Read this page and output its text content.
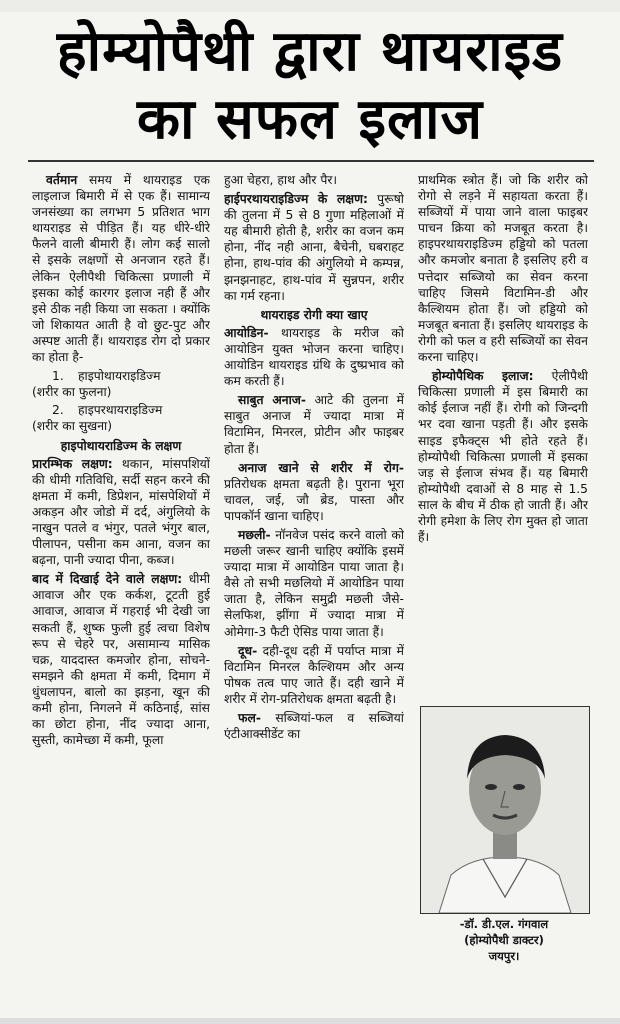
होम्योपैथी द्वारा थायराइड
का सफल इलाज

वर्तमान समय में थायराइड एक लाइलाज बिमारी में से एक हैं। सामान्य जनसंख्या का लगभग 5 प्रतिशत भाग थायराइड से पीड़ित हैं। यह धीरे-धीरे फैलने वाली बीमारी हैं। लोग कई सालो से इसके लक्षणों से अनजान रहते हैं। लेकिन ऐलीपैथी चिकित्सा प्रणाली में इसका कोई कारगर इलाज नही हैं और इसे ठीक नही किया जा सकता । क्योंकि जो शिकायत आती है वो छुट-पुट और अस्पष्ट आती हैं। थायराइड रोग दो प्रकार का होता है-

1. हाइपोथायराइडिज्म
(शरीर का फुलना)
2. हाइपरथायराइडिज्म
(शरीर का सुखना)
हाइपोथायराडिज्म के लक्षण

प्रारम्भिक लक्षण: थकान, मांसपशियों की धीमी गतिविधि, सर्दी सहन करने की क्षमता में कमी, डिप्रेशन, मांसपेशियों में अकड़न और जोडो में दर्द, अंगुलियो के नाखुन पतले व भंगुर, पतले भंगुर बाल, पीलापन, पसीना कम आना, वजन का बढ़ना, पानी ज्यादा पीना, कब्ज।

बाद में दिखाई देने वाले लक्षण: धीमी आवाज और एक कर्कश, टूटती हुई आवाज, आवाज में गहराई भी देखी जा सकती हैं, शुष्क फुली हुई त्वचा विशेष रूप से चेहरे पर, असामान्य मासिक चक्र, याददास्त कमजोर होना, सोचने-समझने की क्षमता में कमी, दिमाग में धुंधलापन, बालो का झड़ना, खून की कमी होना, निगलने में कठिनाई, सांस का छोटा होना, नींद ज्यादा आना, सुस्ती, कामेच्छा में कमी, फूला

हुआ चेहरा, हाथ और पैर।

हाईपरथायराइडिज्म के लक्षण: पुरूषो की तुलना में 5 से 8 गुणा महिलाओं में यह बीमारी होती है, शरीर का वजन कम होना, नींद नही आना, बैचेनी, घबराहट होना, हाथ-पांव की अंगुलियो मे कम्पन्न, झनझनाहट, हाथ-पांव में सुन्नपन, शरीर का गर्म रहना।

थायराइड रोगी क्या खाए

आयोडिन- थायराइड के मरीज को आयोडिन युक्त भोजन करना चाहिए। आयोडिन थायराइड ग्रंथि के दुष्प्रभाव को कम करती हैं।

साबुत अनाज- आटे की तुलना में साबुत अनाज में ज्यादा मात्रा में विटामिन, मिनरल, प्रोटीन और फाइबर होता हैं।

अनाज खाने से शरीर में रोग-प्रतिरोधक क्षमता बढ़ती है। पुराना भूरा चावल, जई, जौ ब्रेड, पास्ता और पापकॉर्न खाना चाहिए।

मछली- नॉनवेज पसंद करने वालो को मछली जरूर खानी चाहिए क्योंकि इसमें ज्यादा मात्रा में आयोडिन पाया जाता है। वैसे तो सभी मछलियो में आयोडिन पाया जाता है, लेकिन समुद्री मछली जैसे- सेलफिश, झींगा में ज्यादा मात्रा में ओमेगा-3 फैटी ऐसिड पाया जाता हैं।

दूध- दही-दूध दही में पर्याप्त मात्रा में विटामिन मिनरल कैल्शियम और अन्य पोषक तत्व पाए जाते हैं। दही खाने में शरीर में रोग-प्रतिरोधक क्षमता बढ़ती है।

फल- सब्जियां-फल व सब्जियां एंटीआक्सीडेंट का

प्राथमिक स्त्रोत हैं। जो कि शरीर को रोगो से लड़ने में सहायता करता हैं। सब्जियों में पाया जाने वाला फाइबर पाचन क्रिया को मजबूत करता है। हाइपरथायराइडिज्म हड्डियो को पतला और कमजोर बनाता है इसलिए हरी व पत्तेदार सब्जियो का सेवन करना चाहिए जिसमे विटामिन-डी और कैल्शियम होता हैं। जो हड्डियो को मजबूत बनाता हैं। इसलिए थायराइड के रोगी को फल व हरी सब्जियों का सेवन करना चाहिए।

होम्योपैथिक इलाज: ऐलीपैथी चिकित्सा प्रणाली में इस बिमारी का कोई ईलाज नहीं हैं। रोगी को जिन्दगी भर दवा खाना पड़ती हैं। और इसके साइड इफैक्ट्स भी होते रहते हैं। होम्योपैथी चिकित्सा प्रणाली में इसका जड़ से ईलाज संभव हैं। यह बिमारी होम्योपैथी दवाओं से 8 माह से 1.5 साल के बीच में ठीक हो जाती हैं। और रोगी हमेशा के लिए रोग मुक्त हो जाता हैं।

-डॉ. डी.एल. गंगवाल
(होम्योपैथी डाक्टर)
जयपुर।
